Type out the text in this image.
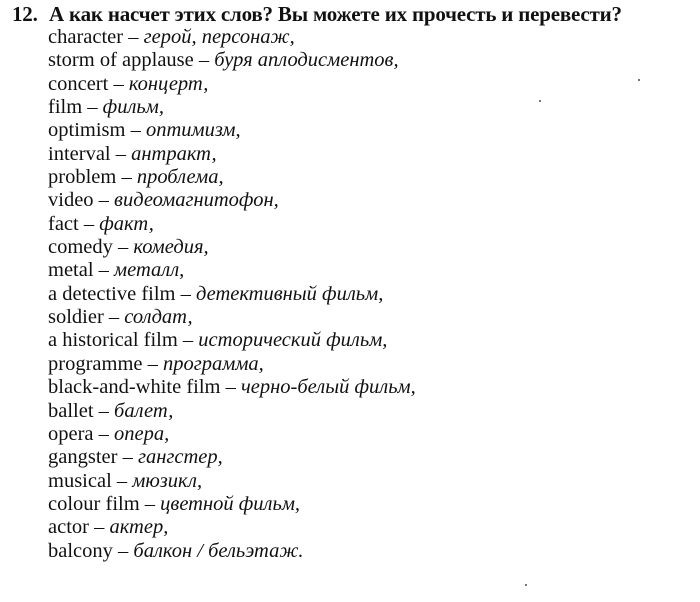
12. А как насчет этих слов? Вы можете их прочесть и перевести?
character – герой, персонаж,
storm of applause – буря аплодисментов,
concert – концерт,
film – фильм,
optimism – оптимизм,
interval – антракт,
problem – проблема,
video – видеомагнитофон,
fact – факт,
comedy – комедия,
metal – металл,
a detective film – детективный фильм,
soldier – солдат,
a historical film – исторический фильм,
programme – программа,
black-and-white film – черно-белый фильм,
ballet – балет,
opera – опера,
gangster – гангстер,
musical – мюзикл,
colour film – цветной фильм,
actor – актер,
balcony – балкон / бельэтаж.
